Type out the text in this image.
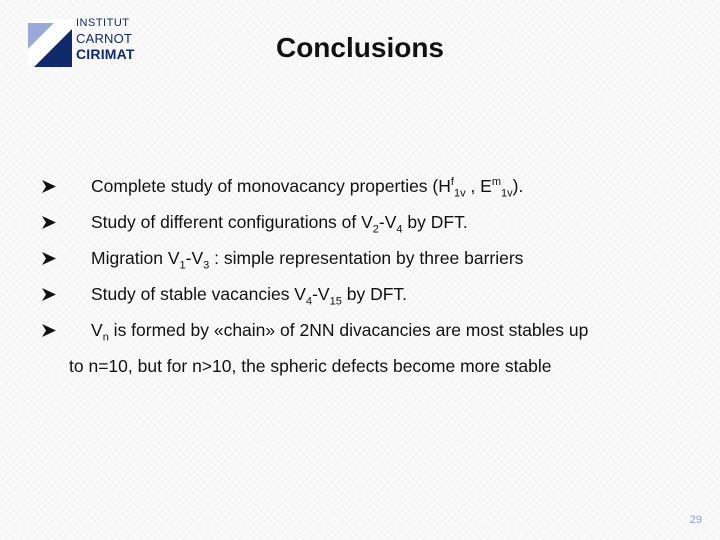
INSTITUT
CARNOT
CIRIMAT	Conclusions
Complete study of monovacancy properties ($H^f_{1v}$ , $E^m_{1v}$).
Study of different configurations of $V_2-V_4$ by DFT.
Migration $V_1-V_3$ : simple representation by three barriers
Study of stable vacancies $V_4-V_{15}$ by DFT.
$V_n$ is formed by «chain» of 2NN divacancies are most stables up
to n=10, but for n>10, the spheric defects become more stable
29
